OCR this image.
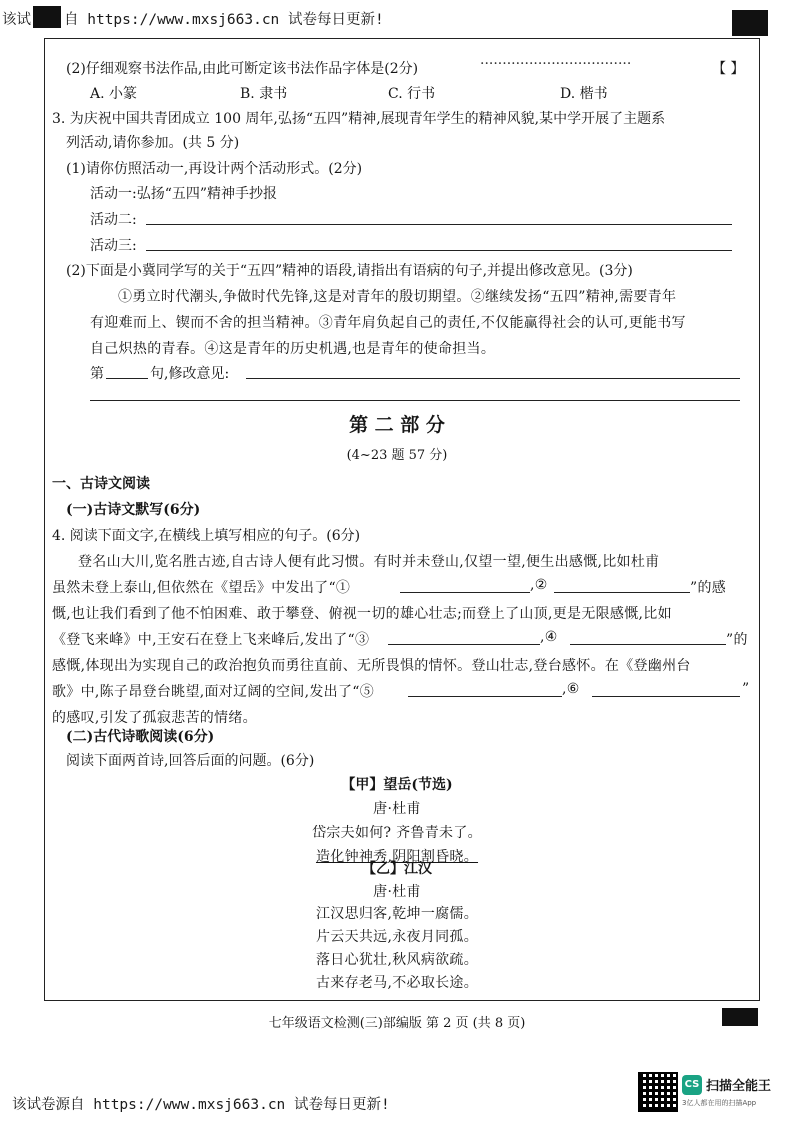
该试 自 https://www.mxsj663.cn 试卷每日更新!
(2)仔细观察书法作品,由此可断定该书法作品字体是(2分)	··································	【 】
A. 小篆	B. 隶书	C. 行书	D. 楷书
3. 为庆祝中国共青团成立 100 周年,弘扬“五四”精神,展现青年学生的精神风貌,某中学开展了主题系
列活动,请你参加。(共 5 分)
(1)请你仿照活动一,再设计两个活动形式。(2分)
活动一:弘扬“五四”精神手抄报
活动二:
活动三:
(2)下面是小冀同学写的关于“五四”精神的语段,请指出有语病的句子,并提出修改意见。(3分)
①勇立时代潮头,争做时代先锋,这是对青年的殷切期望。②继续发扬“五四”精神,需要青年
有迎难而上、锲而不舍的担当精神。③青年肩负起自己的责任,不仅能赢得社会的认可,更能书写
自己炽热的青春。④这是青年的历史机遇,也是青年的使命担当。
第	句,修改意见:
第 二 部 分
(4~23 题 57 分)
一、古诗文阅读
(一)古诗文默写(6分)
4. 阅读下面文字,在横线上填写相应的句子。(6分)
登名山大川,览名胜古迹,自古诗人便有此习惯。有时并未登山,仅望一望,便生出感慨,比如杜甫
虽然未登上泰山,但依然在《望岳》中发出了“①	,②	”的感
慨,也让我们看到了他不怕困难、敢于攀登、俯视一切的雄心壮志;而登上了山顶,更是无限感慨,比如
《登飞来峰》中,王安石在登上飞来峰后,发出了“③	,④	”的
感慨,体现出为实现自己的政治抱负而勇往直前、无所畏惧的情怀。登山壮志,登台感怀。在《登幽州台
歌》中,陈子昂登台眺望,面对辽阔的空间,发出了“⑤	,⑥	”
的感叹,引发了孤寂悲苦的情绪。
(二)古代诗歌阅读(6分)
阅读下面两首诗,回答后面的问题。(6分)
【甲】望岳(节选)
唐·杜甫
岱宗夫如何? 齐鲁青未了。
造化钟神秀,阴阳割昏晓。
【乙】江汉
唐·杜甫
江汉思归客,乾坤一腐儒。
片云天共远,永夜月同孤。
落日心犹壮,秋风病欲疏。
古来存老马,不必取长途。
七年级语文检测(三)部编版 第 2 页 (共 8 页)
该试卷源自 https://www.mxsj663.cn 试卷每日更新!
CS 扫描全能王
3亿人都在用的扫描App
